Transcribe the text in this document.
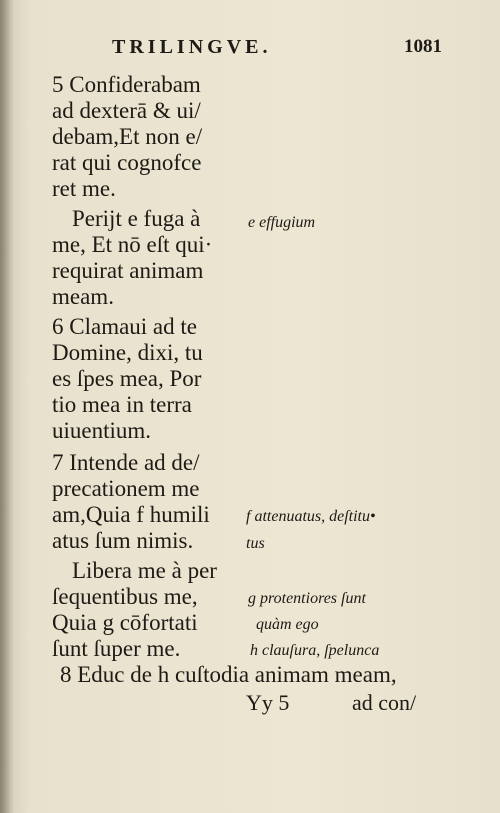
TRILINGVE.	1081
5 Confiderabam
ad dexterā & ui/
debam,Et non e/
rat qui cognofce
ret me.
Perijt e fuga à
me, Et nō eſt qui·
requirat animam
meam.
6 Clamaui ad te
Domine, dixi, tu
es ſpes mea, Por
tio mea in terra
uiuentium.
7 Intende ad de/
precationem me
am,Quia f humili
atus ſum nimis.
Libera me à per
ſequentibus me,
Quia g cōfortati
ſunt ſuper me.
8 Educ de h cuſtodia animam meam,
e effugium
f attenuatus, deſtitu•
tus
g protentiores ſunt
quàm ego
h clauſura, ſpelunca
Yy 5	ad con/
